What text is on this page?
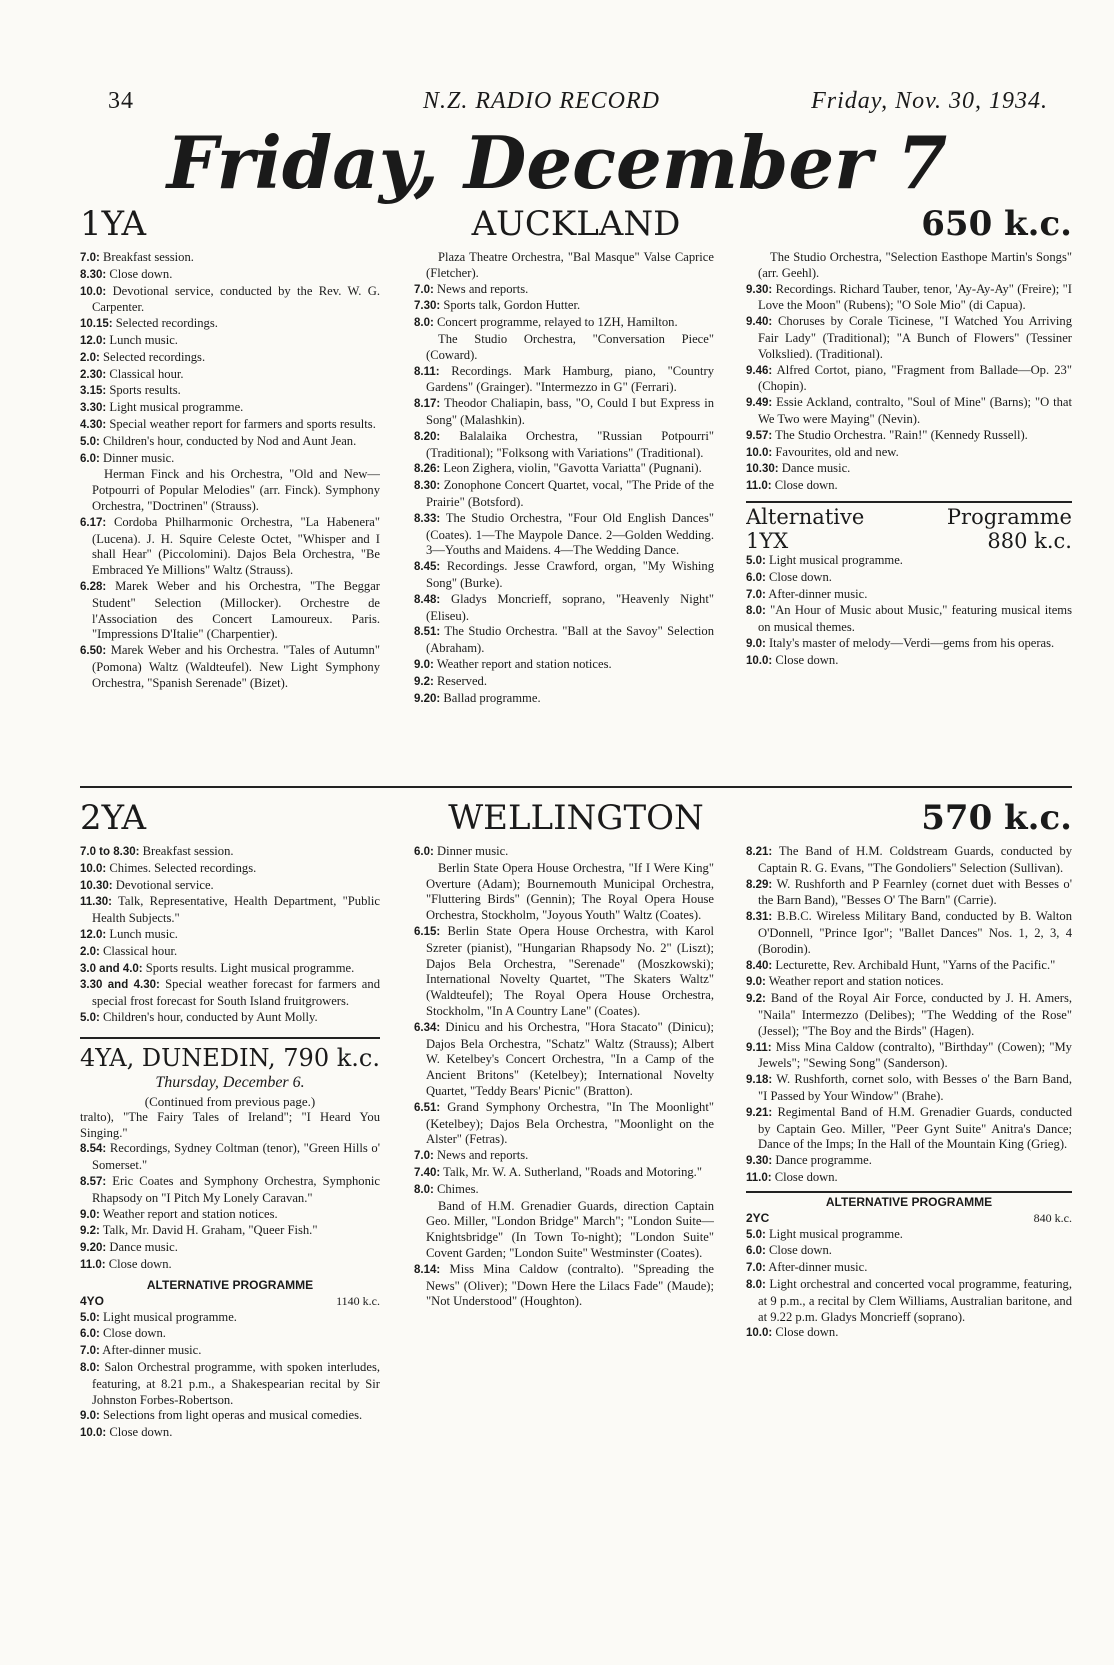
34	N.Z. RADIO RECORD	Friday, Nov. 30, 1934.
Friday, December 7
1YA	AUCKLAND	650 k.c.
7.0: Breakfast session.
8.30: Close down.
10.0: Devotional service, conducted by the Rev. W. G. Carpenter.
10.15: Selected recordings.
12.0: Lunch music.
2.0: Selected recordings.
2.30: Classical hour.
3.15: Sports results.
3.30: Light musical programme.
4.30: Special weather report for farmers and sports results.
5.0: Children's hour, conducted by Nod and Aunt Jean.
6.0: Dinner music.
Herman Finck and his Orchestra, "Old and New—Potpourri of Popular Melodies" (arr. Finck). Symphony Orchestra, "Doctrinen" (Strauss).
6.17: Cordoba Philharmonic Orchestra, "La Habenera" (Lucena). J. H. Squire Celeste Octet, "Whisper and I shall Hear" (Piccolomini). Dajos Bela Orchestra, "Be Embraced Ye Millions" Waltz (Strauss).
6.28: Marek Weber and his Orchestra, "The Beggar Student" Selection (Millocker). Orchestre de l'Association des Concert Lamoureux. Paris. "Impressions D'Italie" (Charpentier).
6.50: Marek Weber and his Orchestra. "Tales of Autumn" (Pomona) Waltz (Waldteufel). New Light Symphony Orchestra, "Spanish Serenade" (Bizet).
Plaza Theatre Orchestra, "Bal Masque" Valse Caprice (Fletcher).
7.0: News and reports.
7.30: Sports talk, Gordon Hutter.
8.0: Concert programme, relayed to 1ZH, Hamilton.
The Studio Orchestra, "Conversation Piece" (Coward).
8.11: Recordings. Mark Hamburg, piano, "Country Gardens" (Grainger). "Intermezzo in G" (Ferrari).
8.17: Theodor Chaliapin, bass, "O, Could I but Express in Song" (Malashkin).
8.20: Balalaika Orchestra, "Russian Potpourri" (Traditional); "Folksong with Variations" (Traditional).
8.26: Leon Zighera, violin, "Gavotta Variatta" (Pugnani).
8.30: Zonophone Concert Quartet, vocal, "The Pride of the Prairie" (Botsford).
8.33: The Studio Orchestra, "Four Old English Dances" (Coates). 1—The Maypole Dance. 2—Golden Wedding. 3—Youths and Maidens. 4—The Wedding Dance.
8.45: Recordings. Jesse Crawford, organ, "My Wishing Song" (Burke).
8.48: Gladys Moncrieff, soprano, "Heavenly Night" (Eliseu).
8.51: The Studio Orchestra. "Ball at the Savoy" Selection (Abraham).
9.0: Weather report and station notices.
9.2: Reserved.
9.20: Ballad programme.
The Studio Orchestra, "Selection Easthope Martin's Songs" (arr. Geehl).
9.30: Recordings. Richard Tauber, tenor, 'Ay-Ay-Ay" (Freire); "I Love the Moon" (Rubens); "O Sole Mio" (di Capua).
9.40: Choruses by Corale Ticinese, "I Watched You Arriving Fair Lady" (Traditional); "A Bunch of Flowers" (Tessiner Volkslied). (Traditional).
9.46: Alfred Cortot, piano, "Fragment from Ballade—Op. 23" (Chopin).
9.49: Essie Ackland, contralto, "Soul of Mine" (Barns); "O that We Two were Maying" (Nevin).
9.57: The Studio Orchestra. "Rain!" (Kennedy Russell).
10.0: Favourites, old and new.
10.30: Dance music.
11.0: Close down.
Alternative	Programme
1YX	880 k.c.
5.0: Light musical programme.
6.0: Close down.
7.0: After-dinner music.
8.0: "An Hour of Music about Music," featuring musical items on musical themes.
9.0: Italy's master of melody—Verdi—gems from his operas.
10.0: Close down.
2YA	WELLINGTON	570 k.c.
7.0 to 8.30: Breakfast session.
10.0: Chimes. Selected recordings.
10.30: Devotional service.
11.30: Talk, Representative, Health Department, "Public Health Subjects."
12.0: Lunch music.
2.0: Classical hour.
3.0 and 4.0: Sports results. Light musical programme.
3.30 and 4.30: Special weather forecast for farmers and special frost forecast for South Island fruitgrowers.
5.0: Children's hour, conducted by Aunt Molly.
4YA, DUNEDIN, 790 k.c.
Thursday, December 6.
(Continued from previous page.)
tralto), "The Fairy Tales of Ireland"; "I Heard You Singing."
8.54: Recordings, Sydney Coltman (tenor), "Green Hills o' Somerset."
8.57: Eric Coates and Symphony Orchestra, Symphonic Rhapsody on "I Pitch My Lonely Caravan."
9.0: Weather report and station notices.
9.2: Talk, Mr. David H. Graham, "Queer Fish."
9.20: Dance music.
11.0: Close down.
ALTERNATIVE PROGRAMME
4YO	1140 k.c.
5.0: Light musical programme.
6.0: Close down.
7.0: After-dinner music.
8.0: Salon Orchestral programme, with spoken interludes, featuring, at 8.21 p.m., a Shakespearian recital by Sir Johnston Forbes-Robertson.
9.0: Selections from light operas and musical comedies.
10.0: Close down.
6.0: Dinner music.
Berlin State Opera House Orchestra, "If I Were King" Overture (Adam); Bournemouth Municipal Orchestra, "Fluttering Birds" (Gennin); The Royal Opera House Orchestra, Stockholm, "Joyous Youth" Waltz (Coates).
6.15: Berlin State Opera House Orchestra, with Karol Szreter (pianist), "Hungarian Rhapsody No. 2" (Liszt); Dajos Bela Orchestra, "Serenade" (Moszkowski); International Novelty Quartet, "The Skaters Waltz" (Waldteufel); The Royal Opera House Orchestra, Stockholm, "In A Country Lane" (Coates).
6.34: Dinicu and his Orchestra, "Hora Stacato" (Dinicu); Dajos Bela Orchestra, "Schatz" Waltz (Strauss); Albert W. Ketelbey's Concert Orchestra, "In a Camp of the Ancient Britons" (Ketelbey); International Novelty Quartet, "Teddy Bears' Picnic" (Bratton).
6.51: Grand Symphony Orchestra, "In The Moonlight" (Ketelbey); Dajos Bela Orchestra, "Moonlight on the Alster" (Fetras).
7.0: News and reports.
7.40: Talk, Mr. W. A. Sutherland, "Roads and Motoring."
8.0: Chimes.
Band of H.M. Grenadier Guards, direction Captain Geo. Miller, "London Bridge" March"; "London Suite—Knightsbridge" (In Town To-night); "London Suite" Covent Garden; "London Suite" Westminster (Coates).
8.14: Miss Mina Caldow (contralto). "Spreading the News" (Oliver); "Down Here the Lilacs Fade" (Maude); "Not Understood" (Houghton).
8.21: The Band of H.M. Coldstream Guards, conducted by Captain R. G. Evans, "The Gondoliers" Selection (Sullivan).
8.29: W. Rushforth and P Fearnley (cornet duet with Besses o' the Barn Band), "Besses O' The Barn" (Carrie).
8.31: B.B.C. Wireless Military Band, conducted by B. Walton O'Donnell, "Prince Igor"; "Ballet Dances" Nos. 1, 2, 3, 4 (Borodin).
8.40: Lecturette, Rev. Archibald Hunt, "Yarns of the Pacific."
9.0: Weather report and station notices.
9.2: Band of the Royal Air Force, conducted by J. H. Amers, "Naila" Intermezzo (Delibes); "The Wedding of the Rose" (Jessel); "The Boy and the Birds" (Hagen).
9.11: Miss Mina Caldow (contralto), "Birthday" (Cowen); "My Jewels"; "Sewing Song" (Sanderson).
9.18: W. Rushforth, cornet solo, with Besses o' the Barn Band, "I Passed by Your Window" (Brahe).
9.21: Regimental Band of H.M. Grenadier Guards, conducted by Captain Geo. Miller, "Peer Gynt Suite" Anitra's Dance; Dance of the Imps; In the Hall of the Mountain King (Grieg).
9.30: Dance programme.
11.0: Close down.
ALTERNATIVE PROGRAMME
2YC	840 k.c.
5.0: Light musical programme.
6.0: Close down.
7.0: After-dinner music.
8.0: Light orchestral and concerted vocal programme, featuring, at 9 p.m., a recital by Clem Williams, Australian baritone, and at 9.22 p.m. Gladys Moncrieff (soprano).
10.0: Close down.
